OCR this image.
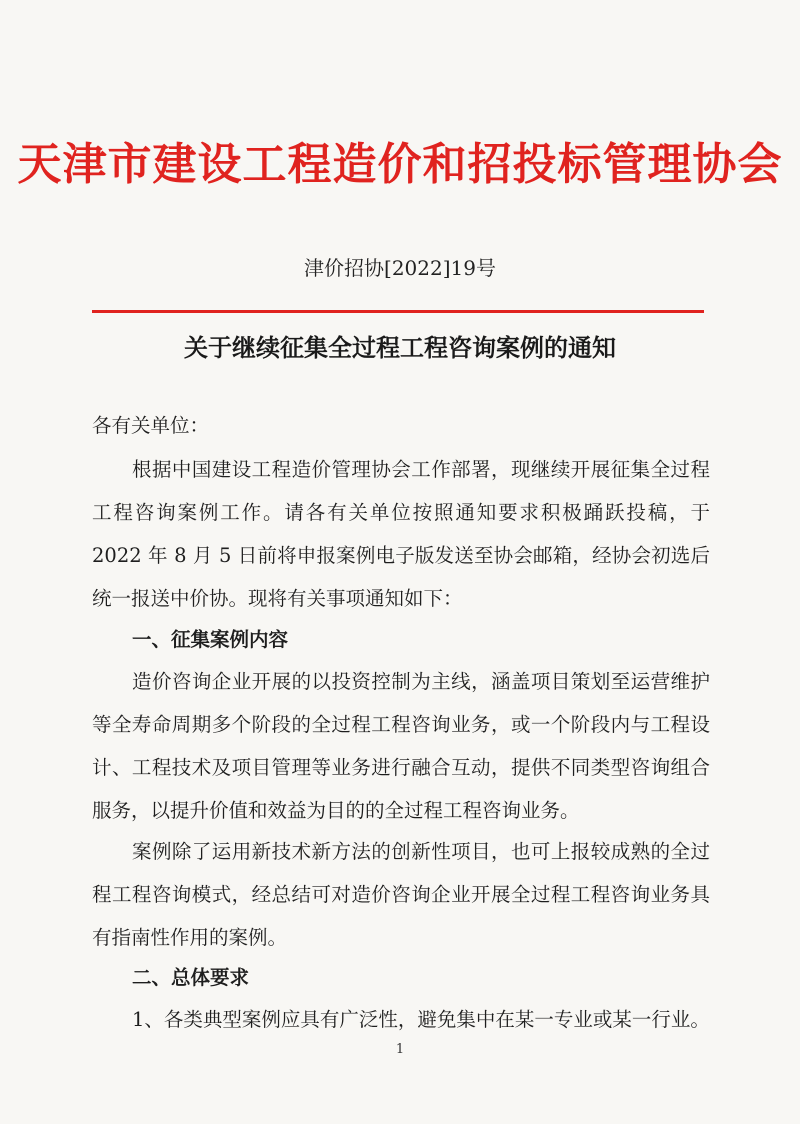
天津市建设工程造价和招投标管理协会
津价招协[2022]19号
关于继续征集全过程工程咨询案例的通知
各有关单位：
根据中国建设工程造价管理协会工作部署，现继续开展征集全过程工程咨询案例工作。请各有关单位按照通知要求积极踊跃投稿，于 2022 年 8 月 5 日前将申报案例电子版发送至协会邮箱，经协会初选后统一报送中价协。现将有关事项通知如下：
一、征集案例内容
造价咨询企业开展的以投资控制为主线，涵盖项目策划至运营维护等全寿命周期多个阶段的全过程工程咨询业务，或一个阶段内与工程设计、工程技术及项目管理等业务进行融合互动，提供不同类型咨询组合服务，以提升价值和效益为目的的全过程工程咨询业务。
案例除了运用新技术新方法的创新性项目，也可上报较成熟的全过程工程咨询模式，经总结可对造价咨询企业开展全过程工程咨询业务具有指南性作用的案例。
二、总体要求
1、各类典型案例应具有广泛性，避免集中在某一专业或某一行业。
1
